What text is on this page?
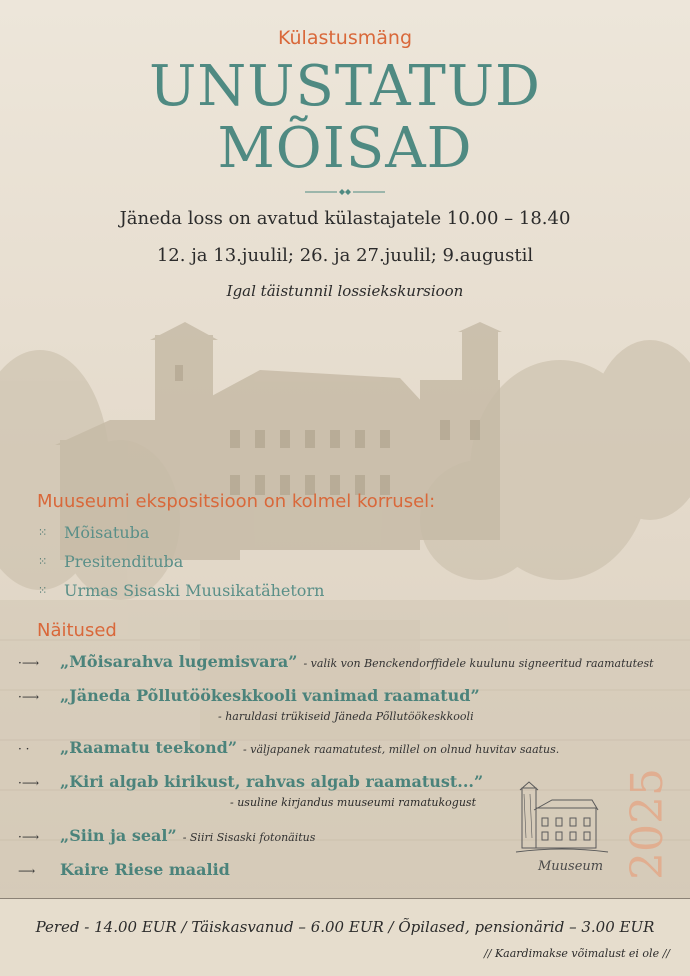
Külastusmäng
UNUSTATUD
MÕISAD
Jäneda loss on avatud külastajatele 10.00 – 18.40
12. ja 13.juulil; 26. ja 27.juulil; 9.augustil
Igal täistunnil lossiekskursioon
Muuseumi ekspositsioon on kolmel korrusel:
⁙	Mõisatuba
⁙	Presitendituba
⁙	Urmas Sisaski Muusikatähetorn
Näitused
·⟶	„Mõisarahva lugemisvara” - valik von Benckendorffidele kuulunu signeeritud raamatutest
·⟶	„Jäneda Põllutöökeskkooli vanimad raamatud”
- haruldasi trükiseid Jäneda Põllutöökeskkooli
· ·	„Raamatu teekond” - väljapanek raamatutest, millel on olnud huvitav saatus.
·⟶	„Kiri algab kirikust, rahvas algab raamatust...”
- usuline kirjandus muuseumi ramatukogust
·⟶	„Siin ja seal” - Siiri Sisaski fotonäitus
⟶	Kaire Riese maalid	Muuseum 2025
Pered - 14.00 EUR / Täiskasvanud – 6.00 EUR / Õpilased, pensionärid – 3.00 EUR
// Kaardimakse võimalust ei ole //
